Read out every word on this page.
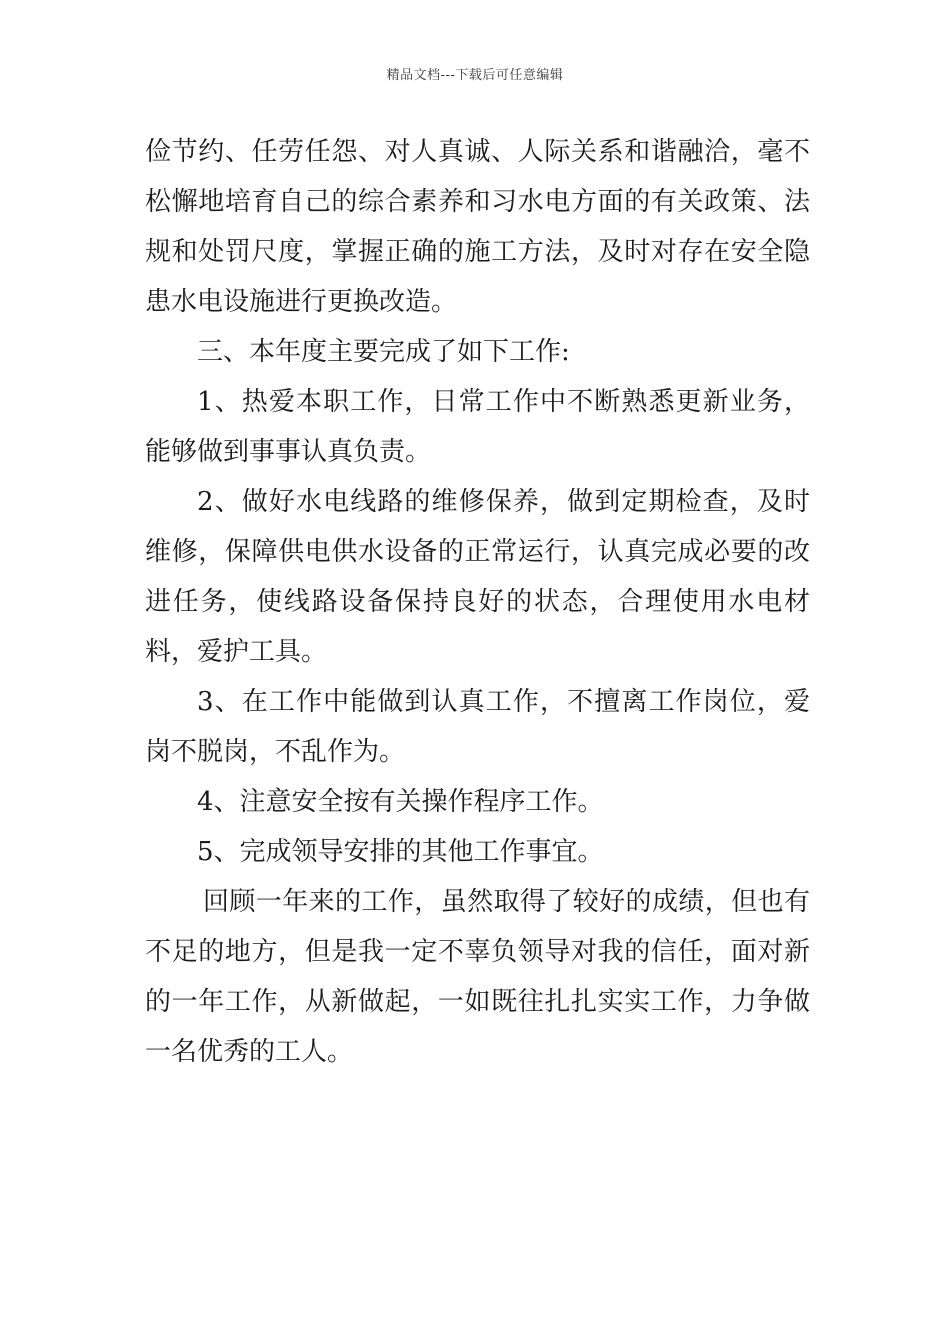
精品文档---下载后可任意编辑

俭节约、任劳任怨、对人真诚、人际关系和谐融洽，毫不松懈地培育自己的综合素养和习水电方面的有关政策、法规和处罚尺度，掌握正确的施工方法，及时对存在安全隐患水电设施进行更换改造。

三、本年度主要完成了如下工作:

1、热爱本职工作，日常工作中不断熟悉更新业务，能够做到事事认真负责。

2、做好水电线路的维修保养，做到定期检查，及时维修，保障供电供水设备的正常运行，认真完成必要的改进任务，使线路设备保持良好的状态，合理使用水电材料，爱护工具。

3、在工作中能做到认真工作，不擅离工作岗位，爱岗不脱岗，不乱作为。

4、注意安全按有关操作程序工作。

5、完成领导安排的其他工作事宜。

回顾一年来的工作，虽然取得了较好的成绩，但也有不足的地方，但是我一定不辜负领导对我的信任，面对新的一年工作，从新做起，一如既往扎扎实实工作，力争做一名优秀的工人。
